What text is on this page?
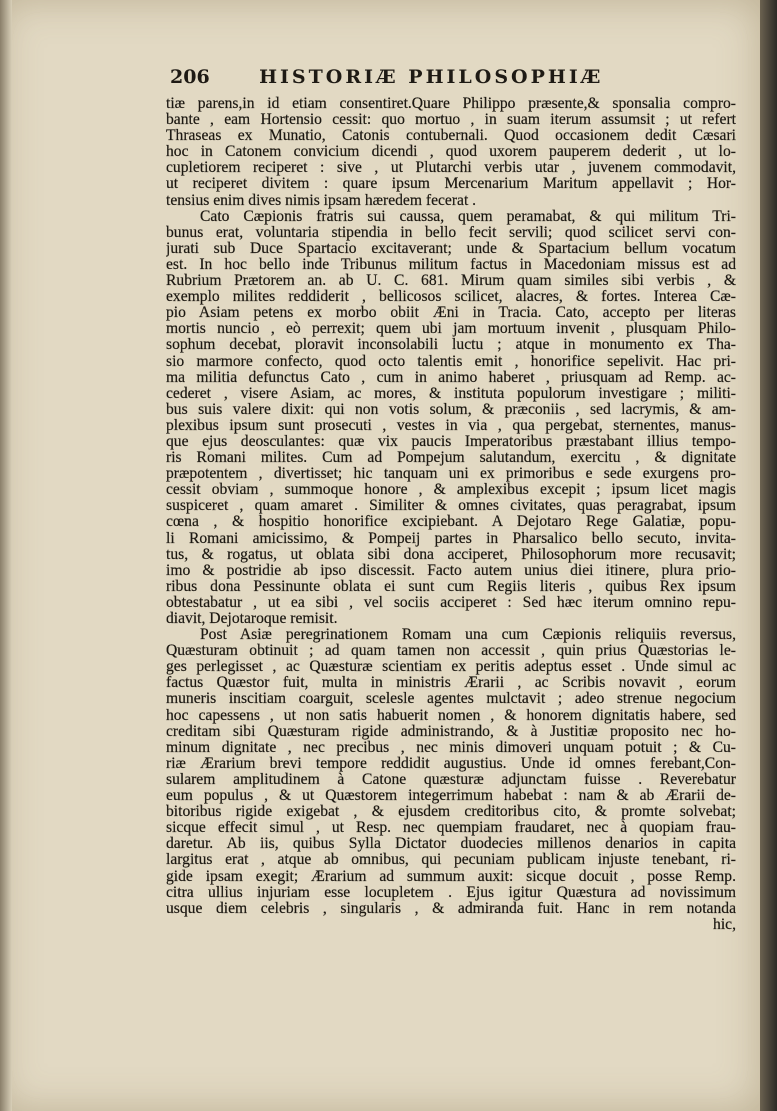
206	HISTORIÆ PHILOSOPHIÆ
tiæ parens,in id etiam consentiret.Quare Philippo præsente,& sponsalia compro-
bante , eam Hortensio cessit: quo mortuo , in suam iterum assumsit ; ut refert
Thraseas ex Munatio, Catonis contubernali. Quod occasionem dedit Cæsari
hoc in Catonem convicium dicendi , quod uxorem pauperem dederit , ut lo-
cupletiorem reciperet : sive , ut Plutarchi verbis utar , juvenem commodavit,
ut reciperet divitem : quare ipsum Mercenarium Maritum appellavit ; Hor-
tensius enim dives nimis ipsam hæredem fecerat .
Cato Cæpionis fratris sui caussa, quem peramabat, & qui militum Tri-
bunus erat, voluntaria stipendia in bello fecit servili; quod scilicet servi con-
jurati sub Duce Spartacio excitaverant; unde & Spartacium bellum vocatum
est. In hoc bello inde Tribunus militum factus in Macedoniam missus est ad
Rubrium Prætorem an. ab U. C. 681. Mirum quam similes sibi verbis , &
exemplo milites reddiderit , bellicosos scilicet, alacres, & fortes. Interea Cæ-
pio Asiam petens ex morbo obiit Æni in Tracia. Cato, accepto per literas
mortis nuncio , eò perrexit; quem ubi jam mortuum invenit , plusquam Philo-
sophum decebat, ploravit inconsolabili luctu ; atque in monumento ex Tha-
sio marmore confecto, quod octo talentis emit , honorifice sepelivit. Hac pri-
ma militia defunctus Cato , cum in animo haberet , priusquam ad Remp. ac-
cederet , visere Asiam, ac mores, & instituta populorum investigare ; militi-
bus suis valere dixit: qui non votis solum, & præconiis , sed lacrymis, & am-
plexibus ipsum sunt prosecuti , vestes in via , qua pergebat, sternentes, manus-
que ejus deosculantes: quæ vix paucis Imperatoribus præstabant illius tempo-
ris Romani milites. Cum ad Pompejum salutandum, exercitu , & dignitate
præpotentem , divertisset; hic tanquam uni ex primoribus e sede exurgens pro-
cessit obviam , summoque honore , & amplexibus excepit ; ipsum licet magis
suspiceret , quam amaret . Similiter & omnes civitates, quas peragrabat, ipsum
cœna , & hospitio honorifice excipiebant. A Dejotaro Rege Galatiæ, popu-
li Romani amicissimo, & Pompeij partes in Pharsalico bello secuto, invita-
tus, & rogatus, ut oblata sibi dona acciperet, Philosophorum more recusavit;
imo & postridie ab ipso discessit. Facto autem unius diei itinere, plura prio-
ribus dona Pessinunte oblata ei sunt cum Regiis literis , quibus Rex ipsum
obtestabatur , ut ea sibi , vel sociis acciperet : Sed hæc iterum omnino repu-
diavit, Dejotaroque remisit.
Post Asiæ peregrinationem Romam una cum Cæpionis reliquiis reversus,
Quæsturam obtinuit ; ad quam tamen non accessit , quin prius Quæstorias le-
ges perlegisset , ac Quæsturæ scientiam ex peritis adeptus esset . Unde simul ac
factus Quæstor fuit, multa in ministris Ærarii , ac Scribis novavit , eorum
muneris inscitiam coarguit, scelesle agentes mulctavit ; adeo strenue negocium
hoc capessens , ut non satis habuerit nomen , & honorem dignitatis habere, sed
creditam sibi Quæsturam rigide administrando, & à Justitiæ proposito nec ho-
minum dignitate , nec precibus , nec minis dimoveri unquam potuit ; & Cu-
riæ Ærarium brevi tempore reddidit augustius. Unde id omnes ferebant,Con-
sularem amplitudinem à Catone quæsturæ adjunctam fuisse . Reverebatur
eum populus , & ut Quæstorem integerrimum habebat : nam & ab Ærarii de-
bitoribus rigide exigebat , & ejusdem creditoribus cito, & promte solvebat;
sicque effecit simul , ut Resp. nec quempiam fraudaret, nec à quopiam frau-
daretur. Ab iis, quibus Sylla Dictator duodecies millenos denarios in capita
largitus erat , atque ab omnibus, qui pecuniam publicam injuste tenebant, ri-
gide ipsam exegit; Ærarium ad summum auxit: sicque docuit , posse Remp.
citra ullius injuriam esse locupletem . Ejus igitur Quæstura ad novissimum
usque diem celebris , singularis , & admiranda fuit. Hanc in rem notanda
hic,
